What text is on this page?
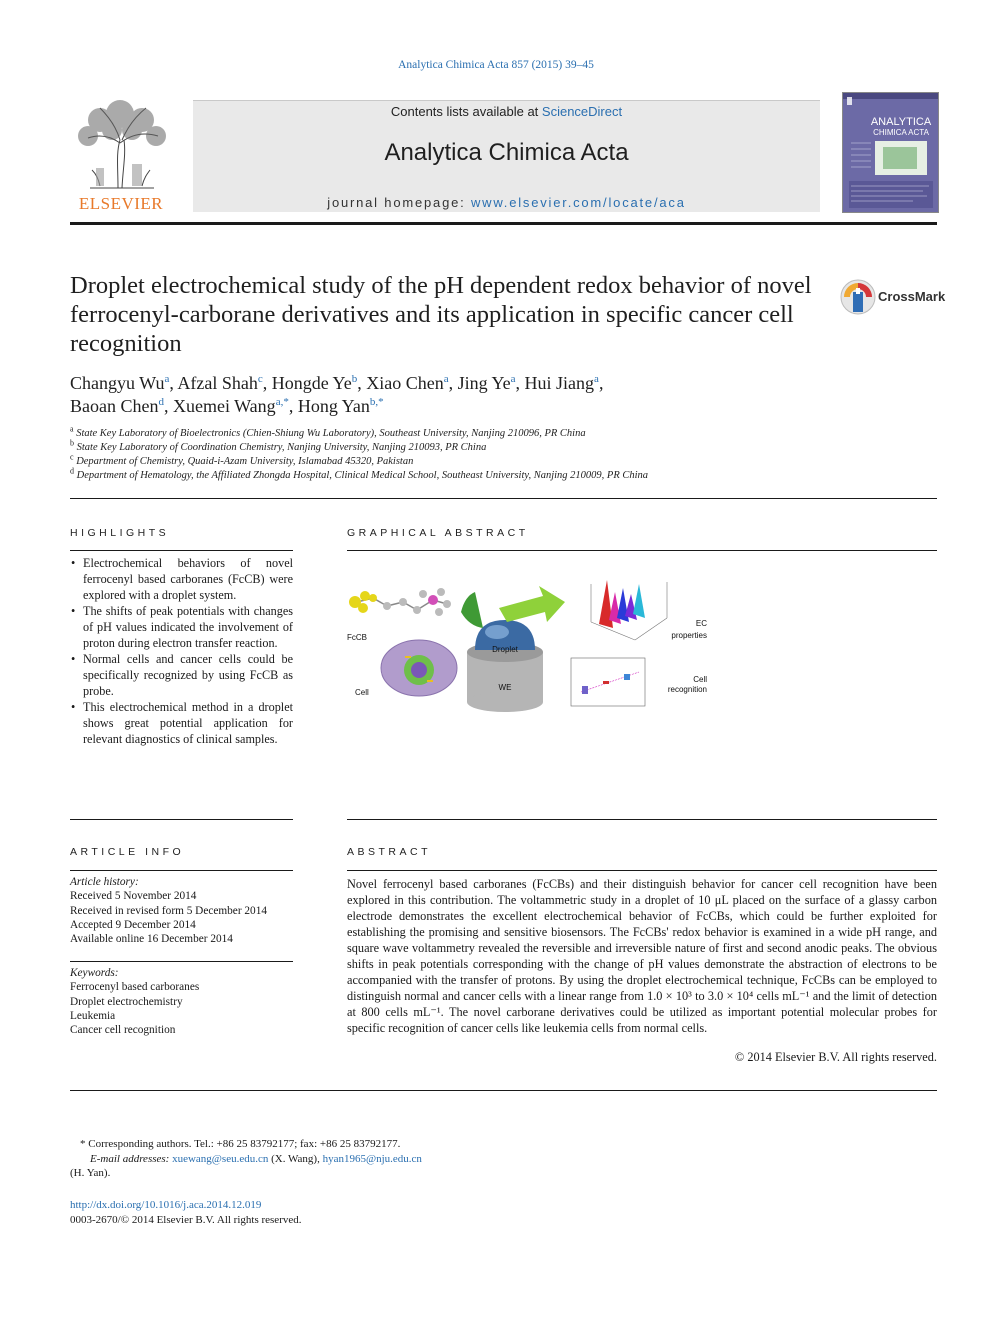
Analytica Chimica Acta 857 (2015) 39–45
ELSEVIER
Contents lists available at ScienceDirect
Analytica Chimica Acta
journal homepage: www.elsevier.com/locate/aca
ANALYTICA
CHIMICA ACTA
Droplet electrochemical study of the pH dependent redox behavior of novel ferrocenyl-carborane derivatives and its application in specific cancer cell recognition
CrossMark
Changyu Wu$^a$, Afzal Shah$^c$, Hongde Ye$^b$, Xiao Chen$^a$, Jing Ye$^a$, Hui Jiang$^a$,
Baoan Chen$^d$, Xuemei Wang$^{a,*}$, Hong Yan$^{b,*}$
$^a$ State Key Laboratory of Bioelectronics (Chien-Shiung Wu Laboratory), Southeast University, Nanjing 210096, PR China
$^b$ State Key Laboratory of Coordination Chemistry, Nanjing University, Nanjing 210093, PR China
$^c$ Department of Chemistry, Quaid-i-Azam University, Islamabad 45320, Pakistan
$^d$ Department of Hematology, the Affiliated Zhongda Hospital, Clinical Medical School, Southeast University, Nanjing 210009, PR China
HIGHLIGHTS
• Electrochemical behaviors of novel ferrocenyl based carboranes (FcCB) were explored with a droplet system.
• The shifts of peak potentials with changes of pH values indicated the involvement of proton during electron transfer reaction.
• Normal cells and cancer cells could be specifically recognized by using FcCB as probe.
• This electrochemical method in a droplet shows great potential application for relevant diagnostics of clinical samples.
GRAPHICAL ABSTRACT
FcCB
Cell
Droplet
WE
EC
properties
Cell
recognition
ARTICLE INFO
Article history:
Received 5 November 2014
Received in revised form 5 December 2014
Accepted 9 December 2014
Available online 16 December 2014
Keywords:
Ferrocenyl based carboranes
Droplet electrochemistry
Leukemia
Cancer cell recognition
ABSTRACT

Novel ferrocenyl based carboranes (FcCBs) and their distinguish behavior for cancer cell recognition have been explored in this contribution. The voltammetric study in a droplet of 10 μL placed on the surface of a glassy carbon electrode demonstrates the excellent electrochemical behavior of FcCBs, which could be further exploited for establishing the promising and sensitive biosensors. The FcCBs' redox behavior is examined in a wide pH range, and square wave voltammetry revealed the reversible and irreversible nature of first and second anodic peaks. The obvious shifts in peak potentials corresponding with the change of pH values demonstrate the abstraction of electrons to be accompanied with the transfer of protons. By using the droplet electrochemical technique, FcCBs can be employed to distinguish normal and cancer cells with a linear range from 1.0 × 10³ to 3.0 × 10⁴ cells mL⁻¹ and the limit of detection at 800 cells mL⁻¹. The novel carborane derivatives could be utilized as important potential molecular probes for specific recognition of cancer cells like leukemia cells from normal cells.

© 2014 Elsevier B.V. All rights reserved.
* Corresponding authors. Tel.: +86 25 83792177; fax: +86 25 83792177.
E-mail addresses: xuewang@seu.edu.cn (X. Wang), hyan1965@nju.edu.cn
(H. Yan).
http://dx.doi.org/10.1016/j.aca.2014.12.019
0003-2670/© 2014 Elsevier B.V. All rights reserved.
